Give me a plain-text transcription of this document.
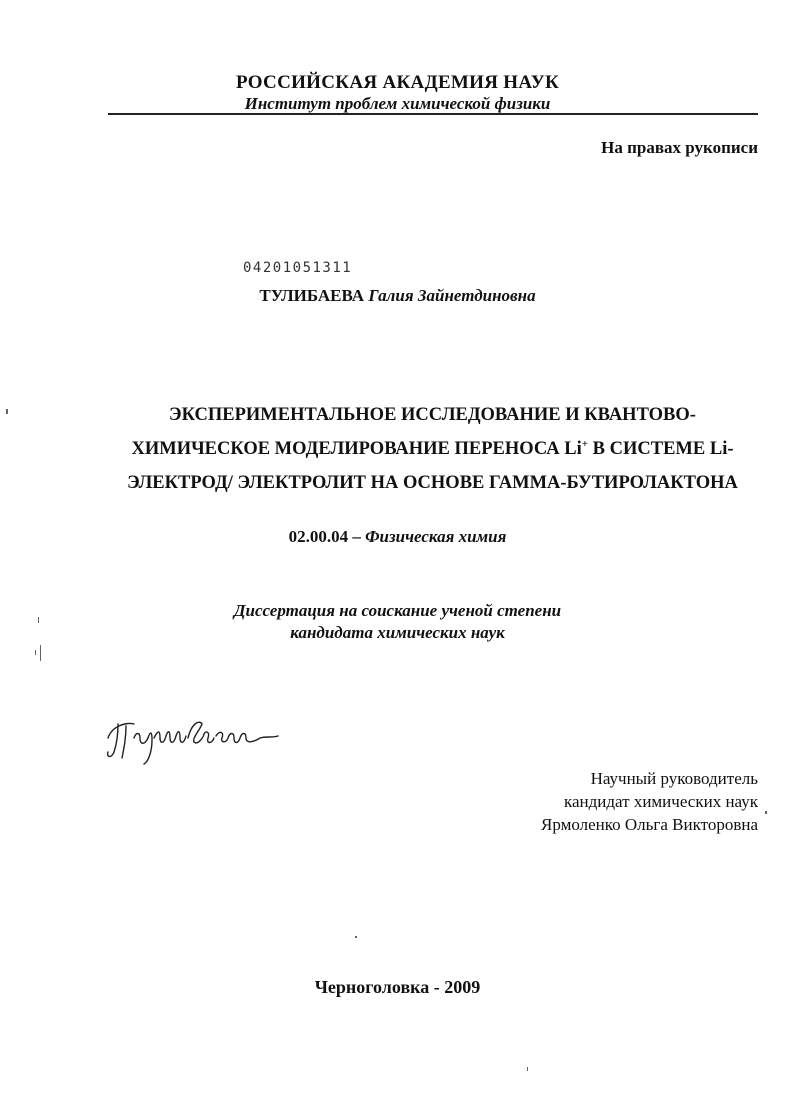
РОССИЙСКАЯ АКАДЕМИЯ НАУК
Институт проблем химической физики
На правах рукописи
04201051311
ТУЛИБАЕВА Галия Зайнетдиновна
ЭКСПЕРИМЕНТАЛЬНОЕ ИССЛЕДОВАНИЕ И КВАНТОВО-
ХИМИЧЕСКОЕ МОДЕЛИРОВАНИЕ ПЕРЕНОСА Li+ В СИСТЕМЕ Li-
ЭЛЕКТРОД/ ЭЛЕКТРОЛИТ НА ОСНОВЕ ГАММА-БУТИРОЛАКТОНА
02.00.04 – Физическая химия
Диссертация на соискание ученой степени
кандидата химических наук
Тулибаева
Научный руководитель
кандидат химических наук
Ярмоленко Ольга Викторовна
Черноголовка - 2009
